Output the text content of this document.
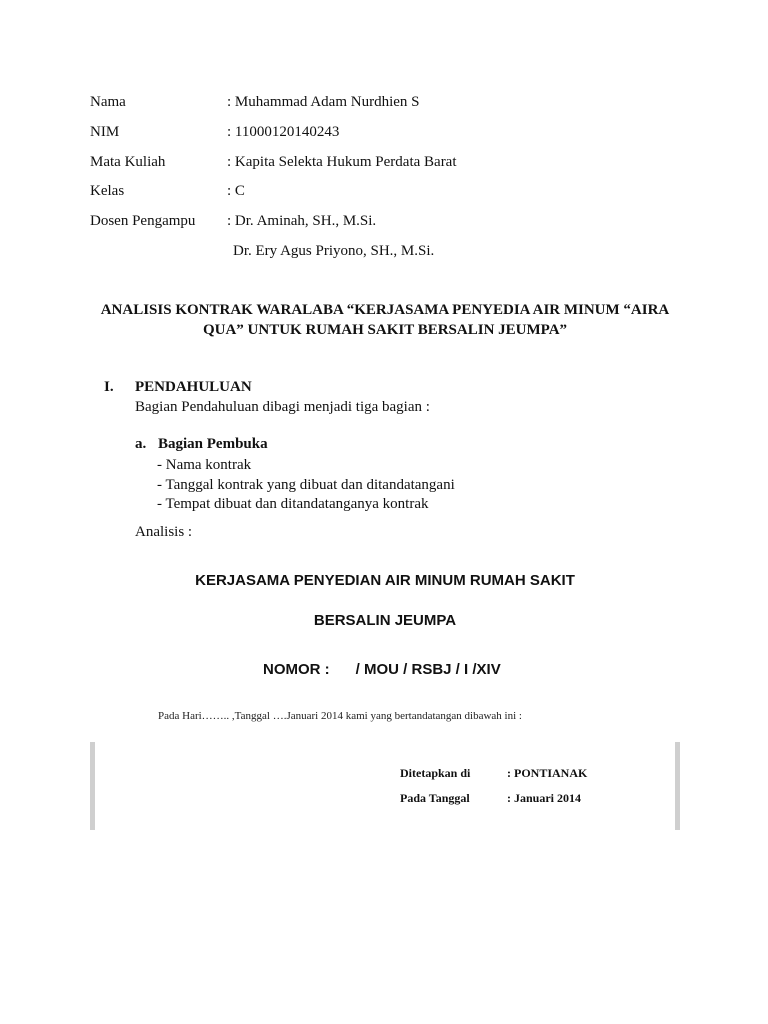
Nama	: Muhammad Adam Nurdhien S
NIM	: 11000120140243
Mata Kuliah	: Kapita Selekta Hukum Perdata Barat
Kelas	: C
Dosen Pengampu : Dr. Aminah, SH., M.Si.
Dr. Ery Agus Priyono, SH., M.Si.
ANALISIS KONTRAK WARALABA “KERJASAMA PENYEDIA AIR MINUM “AIRA
QUA” UNTUK RUMAH SAKIT BERSALIN JEUMPA”
I. PENDAHULUAN
Bagian Pendahuluan dibagi menjadi tiga bagian :
a. Bagian Pembuka
- Nama kontrak
- Tanggal kontrak yang dibuat dan ditandatangani
- Tempat dibuat dan ditandatanganya kontrak
Analisis :
KERJASAMA PENYEDIAN AIR MINUM RUMAH SAKIT
BERSALIN JEUMPA
NOMOR : / MOU / RSBJ / I /XIV
Pada Hari…….. ,Tanggal ….Januari 2014 kami yang bertandatangan dibawah ini :
Ditetapkan di	: PONTIANAK
Pada Tanggal	: Januari 2014
